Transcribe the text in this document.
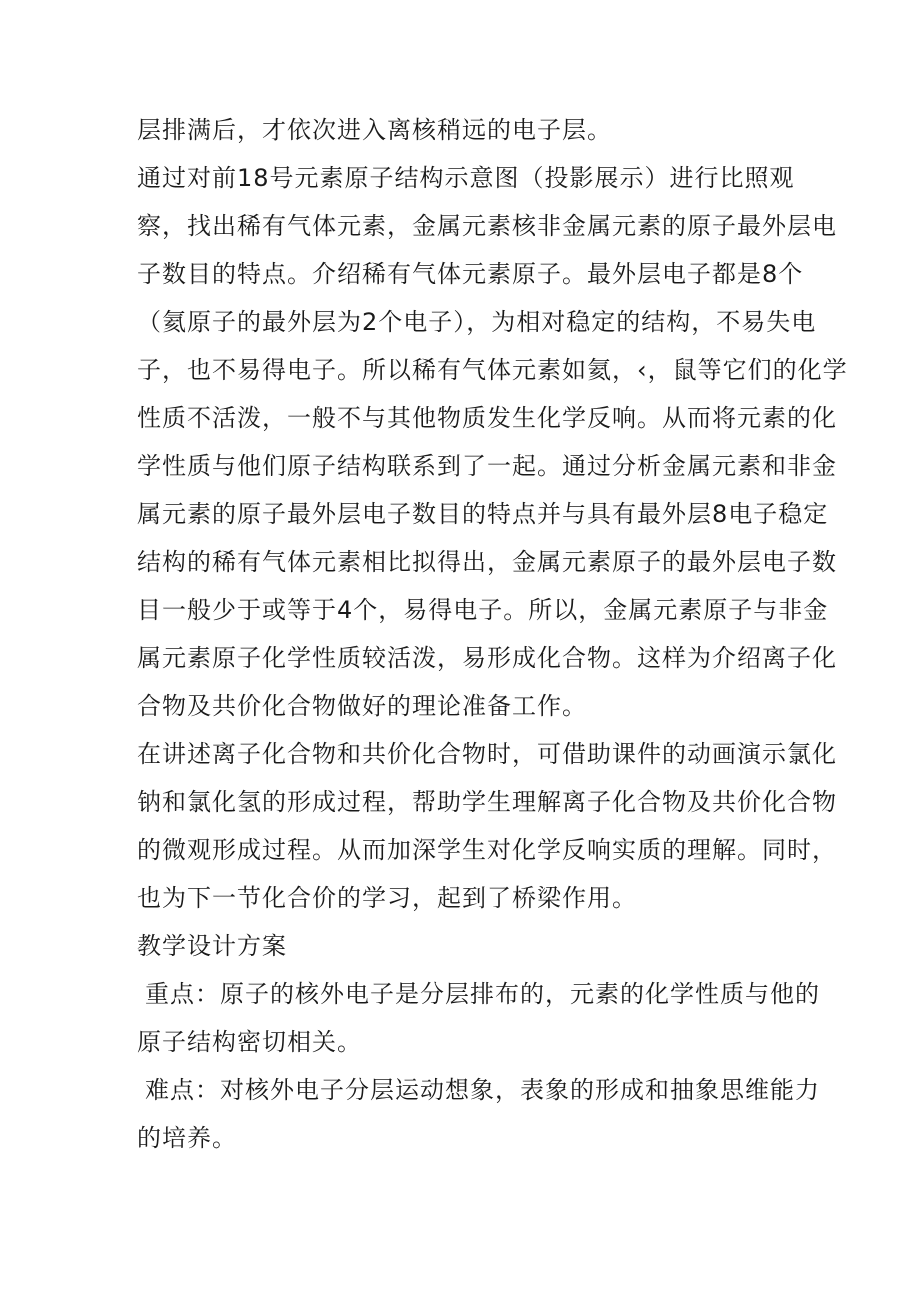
层排满后，才依次进入离核稍远的电子层。
通过对前18号元素原子结构示意图（投影展示）进行比照观
察，找出稀有气体元素，金属元素核非金属元素的原子最外层电
子数目的特点。介绍稀有气体元素原子。最外层电子都是8个
（氦原子的最外层为2个电子），为相对稳定的结构，不易失电
子，也不易得电子。所以稀有气体元素如氦，‹，鼠等它们的化学
性质不活泼，一般不与其他物质发生化学反响。从而将元素的化
学性质与他们原子结构联系到了一起。通过分析金属元素和非金
属元素的原子最外层电子数目的特点并与具有最外层8电子稳定
结构的稀有气体元素相比拟得出，金属元素原子的最外层电子数
目一般少于或等于4个，易得电子。所以，金属元素原子与非金
属元素原子化学性质较活泼，易形成化合物。这样为介绍离子化
合物及共价化合物做好的理论准备工作。
在讲述离子化合物和共价化合物时，可借助课件的动画演示氯化
钠和氯化氢的形成过程，帮助学生理解离子化合物及共价化合物
的微观形成过程。从而加深学生对化学反响实质的理解。同时，
也为下一节化合价的学习，起到了桥梁作用。
教学设计方案
重点：原子的核外电子是分层排布的，元素的化学性质与他的
原子结构密切相关。
难点：对核外电子分层运动想象，表象的形成和抽象思维能力
的培养。
